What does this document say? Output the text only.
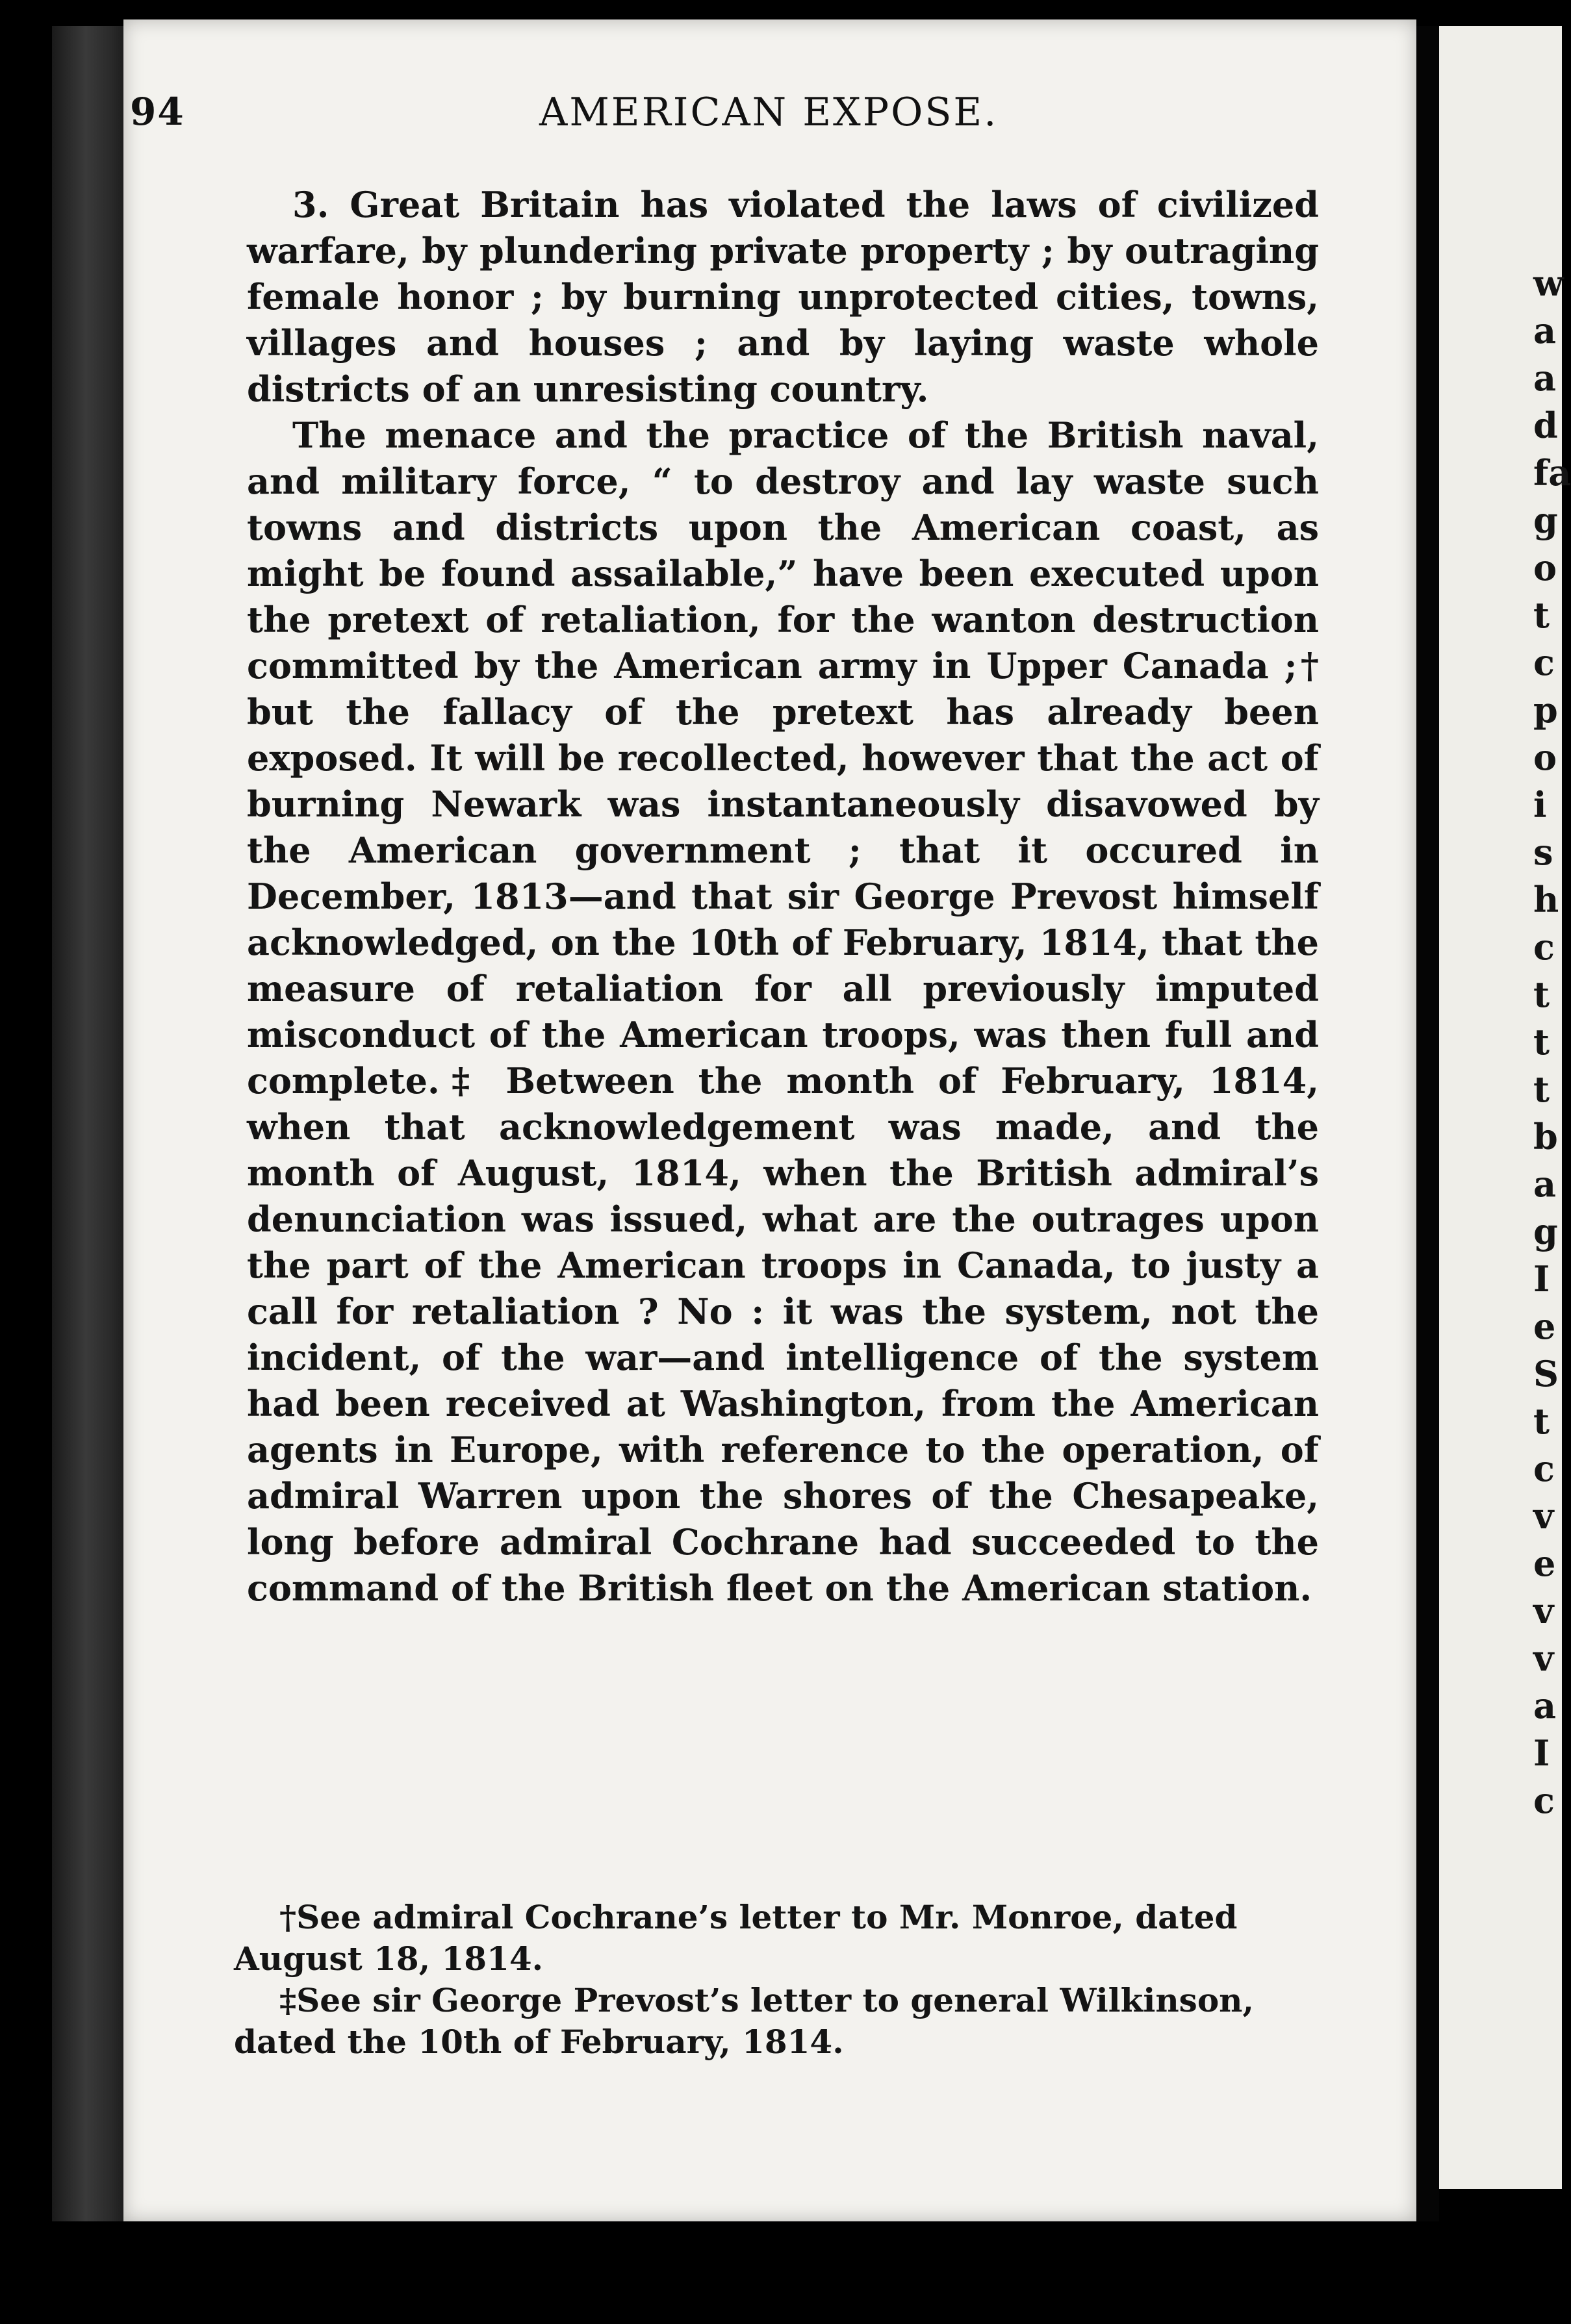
94	AMERICAN EXPOSE.

3. Great Britain has violated the laws of civilized warfare, by plundering private property ; by outraging female honor ; by burning unprotected cities, towns, villages and houses ; and by laying waste whole districts of an unresisting country.

The menace and the practice of the British naval, and military force, “ to destroy and lay waste such towns and districts upon the American coast, as might be found assailable,” have been executed upon the pretext of retaliation, for the wanton destruction committed by the American army in Upper Canada ;† but the fallacy of the pretext has already been exposed. It will be recollected, however that the act of burning Newark was instantaneously disavowed by the American government ; that it occured in December, 1813—and that sir George Prevost himself acknowledged, on the 10th of February, 1814, that the measure of retaliation for all previously imputed misconduct of the American troops, was then full and complete.‡ Between the month of February, 1814, when that acknowledgement was made, and the month of August, 1814, when the British admiral’s denunciation was issued, what are the outrages upon the part of the American troops in Canada, to justy a call for retaliation ? No : it was the system, not the incident, of the war—and intelligence of the system had been received at Washington, from the American agents in Europe, with reference to the operation, of admiral Warren upon the shores of the Chesapeake, long before admiral Cochrane had succeeded to the command of the British fleet on the American station.

†See admiral Cochrane’s letter to Mr. Monroe, dated August 18, 1814.

‡See sir George Prevost’s letter to general Wilkinson, dated the 10th of February, 1814.

w
a
a
d
fa
g
o
t
c
p
o
i
s
h
c
t
t
t
b
a
g
I
e
S
t
c
v
e
v
v
a
I
c
